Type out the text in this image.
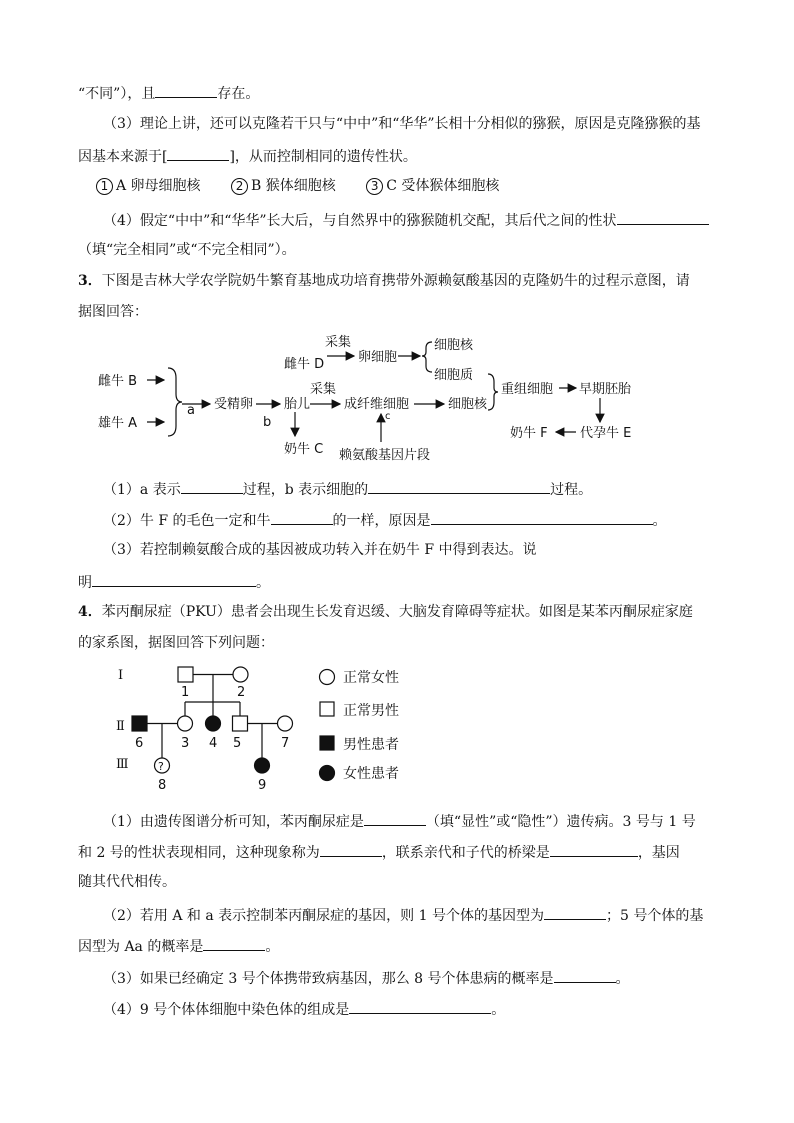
“不同”），且	存在。
（3）理论上讲，还可以克隆若干只与“中中”和“华华”长相十分相似的猕猴，原因是克隆猕猴的基
因基本来源于[	]，从而控制相同的遗传性状。
1 A 卵母细胞核	2 B 猴体细胞核	3 C 受体猴体细胞核
（4）假定“中中”和“华华”长大后，与自然界中的猕猴随机交配，其后代之间的性状
（填“完全相同”或“不完全相同”）。
3．下图是吉林大学农学院奶牛繁育基地成功培育携带外源赖氨酸基因的克隆奶牛的过程示意图，请
据图回答：
雌牛 B
雄牛 A
a 受精卵
b
胎儿
奶牛 C
雌牛 D
采集
卵细胞
细胞核
细胞质
采集
成纤维细胞
c
赖氨酸基因片段
细胞核
重组细胞 早期胚胎
代孕牛 E
奶牛 F
（1）a 表示	过程，b 表示细胞的	过程。
（2）牛 F 的毛色一定和牛	的一样，原因是	。
（3）若控制赖氨酸合成的基因被成功转入并在奶牛 F 中得到表达。说
明	。
4．苯丙酮尿症（PKU）患者会出现生长发育迟缓、大脑发育障碍等症状。如图是某苯丙酮尿症家庭
的家系图，据图回答下列问题：
Ⅰ
Ⅱ
Ⅲ
1	2
6	3 4 5	7
?
8	9
正常女性
正常男性
男性患者
女性患者
（1）由遗传图谱分析可知，苯丙酮尿症是	（填“显性”或“隐性”）遗传病。3 号与 1 号
和 2 号的性状表现相同，这种现象称为	，联系亲代和子代的桥梁是	，基因
随其代代相传。
（2）若用 A 和 a 表示控制苯丙酮尿症的基因，则 1 号个体的基因型为	；5 号个体的基
因型为 Aa 的概率是	。
（3）如果已经确定 3 号个体携带致病基因，那么 8 号个体患病的概率是	。
（4）9 号个体体细胞中染色体的组成是	。
